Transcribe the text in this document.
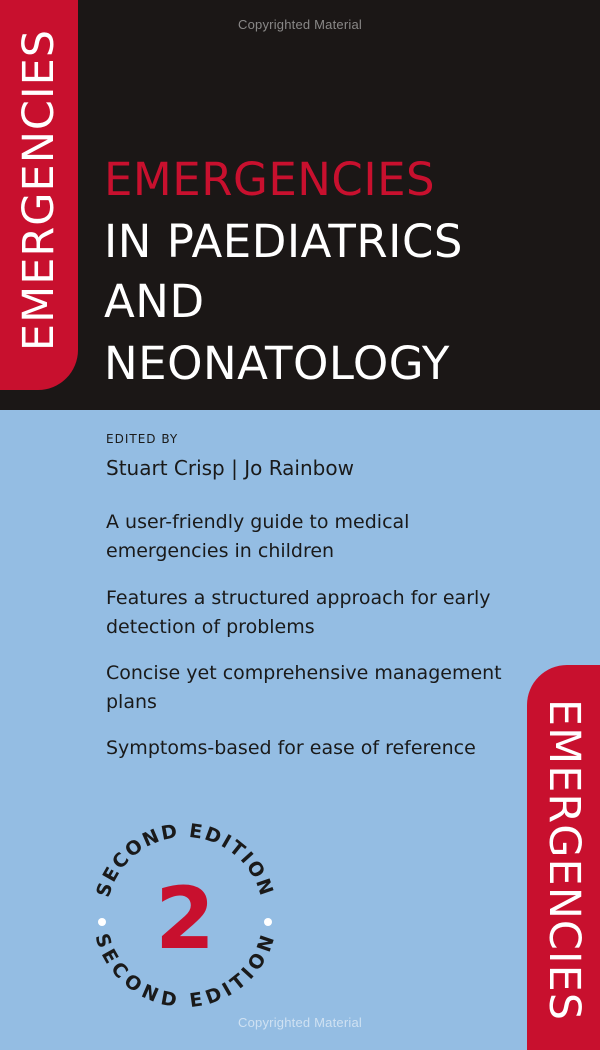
Copyrighted Material
EMERGENCIES EMERGENCIES
IN PAEDIATRICS
AND
NEONATOLOGY
EDITED BY
Stuart Crisp | Jo Rainbow
A user-friendly guide to medical emergencies in children
Features a structured approach for early detection of problems
Concise yet comprehensive management plans
Symptoms-based for ease of reference
SECOND EDITION
SECOND EDITION
2	EMERGENCIES
Copyrighted Material
